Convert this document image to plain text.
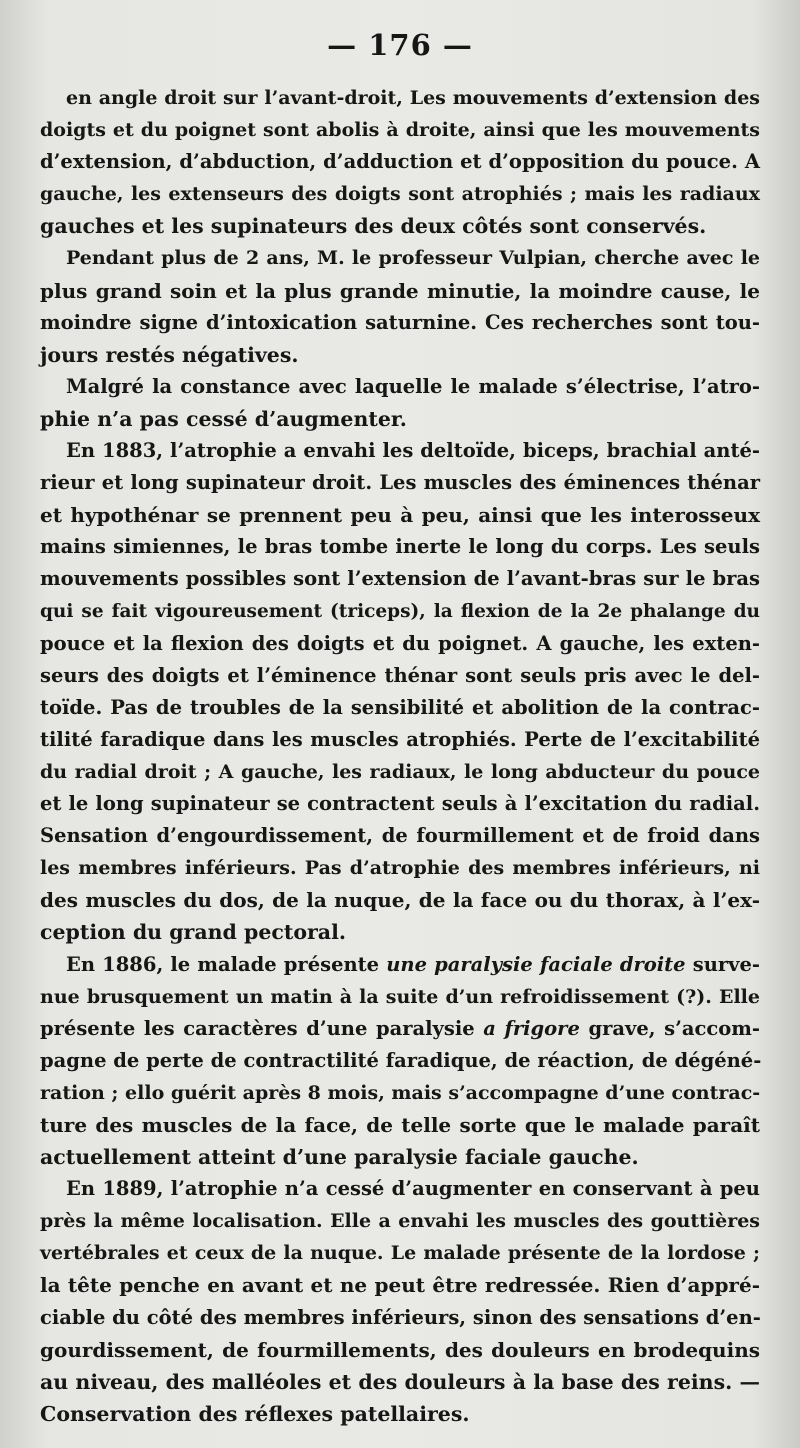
— 176 —

en angle droit sur l’avant-droit, Les mouvements d’extension des
doigts et du poignet sont abolis à droite, ainsi que les mouvements
d’extension, d’abduction, d’adduction et d’opposition du pouce. A
gauche, les extenseurs des doigts sont atrophiés ; mais les radiaux
gauches et les supinateurs des deux côtés sont conservés.

Pendant plus de 2 ans, M. le professeur Vulpian, cherche avec le
plus grand soin et la plus grande minutie, la moindre cause, le
moindre signe d’intoxication saturnine. Ces recherches sont tou-
jours restés négatives.

Malgré la constance avec laquelle le malade s’électrise, l’atro-
phie n’a pas cessé d’augmenter.

En 1883, l’atrophie a envahi les deltoïde, biceps, brachial anté-
rieur et long supinateur droit. Les muscles des éminences thénar
et hypothénar se prennent peu à peu, ainsi que les interosseux
mains simiennes, le bras tombe inerte le long du corps. Les seuls
mouvements possibles sont l’extension de l’avant-bras sur le bras
qui se fait vigoureusement (triceps), la flexion de la 2e phalange du
pouce et la flexion des doigts et du poignet. A gauche, les exten-
seurs des doigts et l’éminence thénar sont seuls pris avec le del-
toïde. Pas de troubles de la sensibilité et abolition de la contrac-
tilité faradique dans les muscles atrophiés. Perte de l’excitabilité
du radial droit ; A gauche, les radiaux, le long abducteur du pouce
et le long supinateur se contractent seuls à l’excitation du radial.
Sensation d’engourdissement, de fourmillement et de froid dans
les membres inférieurs. Pas d’atrophie des membres inférieurs, ni
des muscles du dos, de la nuque, de la face ou du thorax, à l’ex-
ception du grand pectoral.

En 1886, le malade présente une paralysie faciale droite surve-
nue brusquement un matin à la suite d’un refroidissement (?). Elle
présente les caractères d’une paralysie a frigore grave, s’accom-
pagne de perte de contractilité faradique, de réaction, de dégéné-
ration ; ello guérit après 8 mois, mais s’accompagne d’une contrac-
ture des muscles de la face, de telle sorte que le malade paraît
actuellement atteint d’une paralysie faciale gauche.

En 1889, l’atrophie n’a cessé d’augmenter en conservant à peu
près la même localisation. Elle a envahi les muscles des gouttières
vertébrales et ceux de la nuque. Le malade présente de la lordose ;
la tête penche en avant et ne peut être redressée. Rien d’appré-
ciable du côté des membres inférieurs, sinon des sensations d’en-
gourdissement, de fourmillements, des douleurs en brodequins
au niveau, des malléoles et des douleurs à la base des reins. —
Conservation des réflexes patellaires.
